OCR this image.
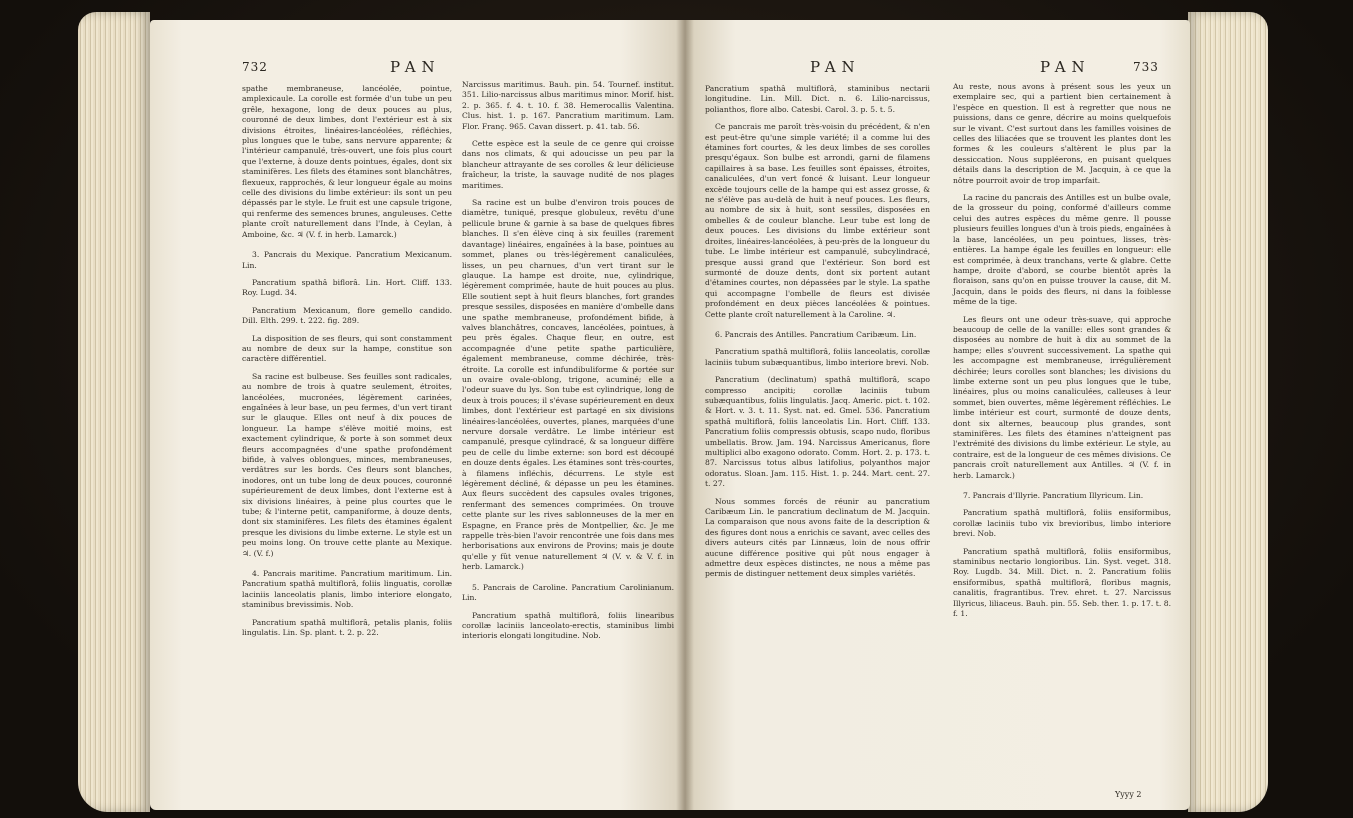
732	PAN

spathe membraneuse, lancéolée, pointue, amplexicaule. La corolle est formée d'un tube un peu grêle, hexagone, long de deux pouces au plus, couronné de deux limbes, dont l'extérieur est à six divisions étroites, linéaires-lancéolées, réfléchies, plus longues que le tube, sans nervure apparente; & l'intérieur campanulé, très-ouvert, une fois plus court que l'externe, à douze dents pointues, égales, dont six staminifères. Les filets des étamines sont blanchâtres, flexueux, rapprochés, & leur longueur égale au moins celle des divisions du limbe extérieur: ils sont un peu dépassés par le style. Le fruit est une capsule trigone, qui renferme des semences brunes, anguleuses. Cette plante croît naturellement dans l'Inde, à Ceylan, à Amboine, &c. ♃ (V. f. in herb. Lamarck.)

3. Pancrais du Mexique. Pancratium Mexicanum. Lin.

Pancratium spathâ biflorâ. Lin. Hort. Cliff. 133. Roy. Lugd. 34.

Pancratium Mexicanum, flore gemello candido. Dill. Elth. 299. t. 222. fig. 289.

La disposition de ses fleurs, qui sont constamment au nombre de deux sur la hampe, constitue son caractère différentiel.

Sa racine est bulbeuse. Ses feuilles sont radicales, au nombre de trois à quatre seulement, étroites, lancéolées, mucronées, légèrement carinées, engaînées à leur base, un peu fermes, d'un vert tirant sur le glauque. Elles ont neuf à dix pouces de longueur. La hampe s'élève moitié moins, est exactement cylindrique, & porte à son sommet deux fleurs accompagnées d'une spathe profondément bifide, à valves oblongues, minces, membraneuses, verdâtres sur les bords. Ces fleurs sont blanches, inodores, ont un tube long de deux pouces, couronné supérieurement de deux limbes, dont l'externe est à six divisions linéaires, à peine plus courtes que le tube; & l'interne petit, campaniforme, à douze dents, dont six staminifères. Les filets des étamines égalent presque les divisions du limbe externe. Le style est un peu moins long. On trouve cette plante au Mexique. ♃. (V. f.)

4. Pancrais maritime. Pancratium maritimum. Lin. Pancratium spathâ multiflorâ, foliis linguatis, corollæ laciniis lanceolatis planis, limbo interiore elongato, staminibus brevissimis. Nob.

Pancratium spathâ multiflorâ, petalis planis, foliis lingulatis. Lin. Sp. plant. t. 2. p. 22.

Narcissus maritimus. Bauh. pin. 54. Tournef. institut. 351. Lilio-narcissus albus maritimus minor. Morif. hist. 2. p. 365. f. 4. t. 10. f. 38. Hemerocallis Valentina. Clus. hist. 1. p. 167. Pancratium maritimum. Lam. Flor. Franç. 965. Cavan dissert. p. 41. tab. 56.

Cette espèce est la seule de ce genre qui croisse dans nos climats, & qui adoucisse un peu par la blancheur attrayante de ses corolles & leur délicieuse fraîcheur, la triste, la sauvage nudité de nos plages maritimes.

Sa racine est un bulbe d'environ trois pouces de diamètre, tuniqué, presque globuleux, revêtu d'une pellicule brune & garnie à sa base de quelques fibres blanches. Il s'en élève cinq à six feuilles (rarement davantage) linéaires, engaînées à la base, pointues au sommet, planes ou très-légèrement canaliculées, lisses, un peu charnues, d'un vert tirant sur le glauque. La hampe est droite, nue, cylindrique, légèrement comprimée, haute de huit pouces au plus. Elle soutient sept à huit fleurs blanches, fort grandes presque sessiles, disposées en manière d'ombelle dans une spathe membraneuse, profondément bifide, à valves blanchâtres, concaves, lancéolées, pointues, à peu près égales. Chaque fleur, en outre, est accompagnée d'une petite spathe particulière, également membraneuse, comme déchirée, très-étroite. La corolle est infundibuliforme & portée sur un ovaire ovale-oblong, trigone, acuminé; elle a l'odeur suave du lys. Son tube est cylindrique, long de deux à trois pouces; il s'évase supérieurement en deux limbes, dont l'extérieur est partagé en six divisions linéaires-lancéolées, ouvertes, planes, marquées d'une nervure dorsale verdâtre. Le limbe intérieur est campanulé, presque cylindracé, & sa longueur diffère peu de celle du limbe externe: son bord est découpé en douze dents égales. Les étamines sont très-courtes, à filamens infléchis, décurrens. Le style est légèrement décliné, & dépasse un peu les étamines. Aux fleurs succèdent des capsules ovales trigones, renfermant des semences comprimées. On trouve cette plante sur les rives sablonneuses de la mer en Espagne, en France près de Montpellier, &c. Je me rappelle très-bien l'avoir rencontrée une fois dans mes herborisations aux environs de Provins; mais je doute qu'elle y fût venue naturellement ♃ (V. v. & V. f. in herb. Lamarck.)

5. Pancrais de Caroline. Pancratium Carolinianum. Lin.

Pancratium spathâ multiflorâ, foliis linearibus corollæ laciniis lanceolato-erectis, staminibus limbi interioris elongati longitudine. Nob.

PAN	PAN	733

Pancratium spathâ multiflorâ, staminibus nectarii longitudine. Lin. Mill. Dict. n. 6. Lilio-narcissus, polianthos, flore albo. Catesbi. Carol. 3. p. 5. t. 5.

Ce pancrais me paroît très-voisin du précédent, & n'en est peut-être qu'une simple variété; il a comme lui des étamines fort courtes, & les deux limbes de ses corolles presqu'égaux. Son bulbe est arrondi, garni de filamens capillaires à sa base. Les feuilles sont épaisses, étroites, canaliculées, d'un vert foncé & luisant. Leur longueur excède toujours celle de la hampe qui est assez grosse, & ne s'élève pas au-delà de huit à neuf pouces. Les fleurs, au nombre de six à huit, sont sessiles, disposées en ombelles & de couleur blanche. Leur tube est long de deux pouces. Les divisions du limbe extérieur sont droites, linéaires-lancéolées, à peu-près de la longueur du tube. Le limbe intérieur est campanulé, subcylindracé, presque aussi grand que l'extérieur. Son bord est surmonté de douze dents, dont six portent autant d'étamines courtes, non dépassées par le style. La spathe qui accompagne l'ombelle de fleurs est divisée profondément en deux pièces lancéolées & pointues. Cette plante croît naturellement à la Caroline. ♃.

6. Pancrais des Antilles. Pancratium Caribæum. Lin.

Pancratium spathâ multiflorâ, foliis lanceolatis, corollæ laciniis tubum subæquantibus, limbo interiore brevi. Nob.

Pancratium (declinatum) spathâ multiflorâ, scapo compresso ancipiti; corollæ laciniis tubum subæquantibus, foliis lingulatis. Jacq. Americ. pict. t. 102. & Hort. v. 3. t. 11. Syst. nat. ed. Gmel. 536. Pancratium spathâ multiflorâ, foliis lanceolatis Lin. Hort. Cliff. 133. Pancratium foliis compressis obtusis, scapo nudo, floribus umbellatis. Brow. Jam. 194. Narcissus Americanus, flore multiplici albo exagono odorato. Comm. Hort. 2. p. 173. t. 87. Narcissus totus albus latifolius, polyanthos major odoratus. Sloan. Jam. 115. Hist. 1. p. 244. Mart. cent. 27. t. 27.

Nous sommes forcés de réunir au pancratium Caribæum Lin. le pancratium declinatum de M. Jacquin. La comparaison que nous avons faite de la description & des figures dont nous a enrichis ce savant, avec celles des divers auteurs cités par Linnæus, loin de nous offrir aucune différence positive qui pût nous engager à admettre deux espèces distinctes, ne nous a même pas permis de distinguer nettement deux simples variétés.

Au reste, nous avons à présent sous les yeux un exemplaire sec, qui a partient bien certainement à l'espèce en question. Il est à regretter que nous ne puissions, dans ce genre, décrire au moins quelquefois sur le vivant. C'est surtout dans les familles voisines de celles des liliacées que se trouvent les plantes dont les formes & les couleurs s'altèrent le plus par la dessiccation. Nous suppléerons, en puisant quelques détails dans la description de M. Jacquin, à ce que la nôtre pourroit avoir de trop imparfait.

La racine du pancrais des Antilles est un bulbe ovale, de la grosseur du poing, conformé d'ailleurs comme celui des autres espèces du même genre. Il pousse plusieurs feuilles longues d'un à trois pieds, engaînées à la base, lancéolées, un peu pointues, lisses, très-entières. La hampe égale les feuilles en longueur: elle est comprimée, à deux tranchans, verte & glabre. Cette hampe, droite d'abord, se courbe bientôt après la floraison, sans qu'on en puisse trouver la cause, dit M. Jacquin, dans le poids des fleurs, ni dans la foiblesse même de la tige.

Les fleurs ont une odeur très-suave, qui approche beaucoup de celle de la vanille: elles sont grandes & disposées au nombre de huit à dix au sommet de la hampe; elles s'ouvrent successivement. La spathe qui les accompagne est membraneuse, irrégulièrement déchirée; leurs corolles sont blanches; les divisions du limbe externe sont un peu plus longues que le tube, linéaires, plus ou moins canaliculées, calleuses à leur sommet, bien ouvertes, même légèrement réfléchies. Le limbe intérieur est court, surmonté de douze dents, dont six alternes, beaucoup plus grandes, sont staminifères. Les filets des étamines n'atteignent pas l'extrémité des divisions du limbe extérieur. Le style, au contraire, est de la longueur de ces mêmes divisions. Ce pancrais croît naturellement aux Antilles. ♃ (V. f. in herb. Lamarck.)

7. Pancrais d'Illyrie. Pancratium Illyricum. Lin.

Pancratium spathâ multiflorâ, foliis ensiformibus, corollæ laciniis tubo vix brevioribus, limbo interiore brevi. Nob.

Pancratium spathâ multiflorâ, foliis ensiformibus, staminibus nectario longioribus. Lin. Syst. veget. 318. Roy. Lugdb. 34. Mill. Dict. n. 2. Pancratium foliis ensiformibus, spathâ multiflorâ, floribus magnis, canalitis, fragrantibus. Trev. ehret. t. 27. Narcissus Illyricus, liliaceus. Bauh. pin. 55. Seb. ther. 1. p. 17. t. 8. f. 1.

Yyyy 2
